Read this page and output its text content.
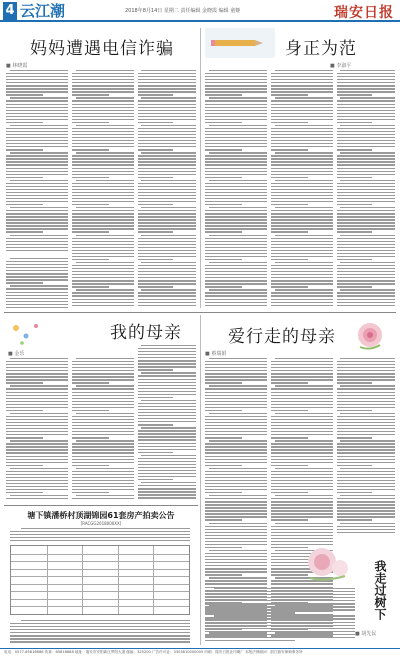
4 云江潮	2018年8月14日 星期二 责任编辑 金晓霞 编辑 童姬	瑞安日报
妈妈遭遇电信诈骗
■ 林晓霞
身正为范
■ 李淑平
我的母亲
■ 金乐
塘下镇潘桥村顶湖锦园61套房产拍卖公告
[RACGG2018000XX]
爱行走的母亲
■ 蔡瑞娟
我走过树下
■ 胡先民
电话：0577-65816688 传真：65816688 地址：瑞安市安阳新区罗阳大道 邮编：325200 广告许可证：3303810000005 印刷：瑞安日报社印刷厂 本报法律顾问：浙江瑞安律师事务所
